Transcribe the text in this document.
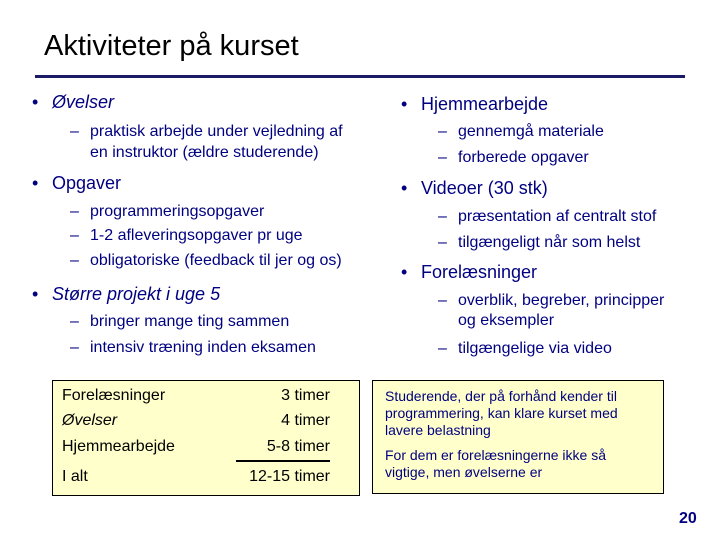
Aktiviteter på kurset
• Øvelser
– praktisk arbejde under vejledning af
en instruktor (ældre studerende)
• Opgaver
– programmeringsopgaver
– 1-2 afleveringsopgaver pr uge
– obligatoriske (feedback til jer og os)
• Større projekt i uge 5
– bringer mange ting sammen
– intensiv træning inden eksamen
• Hjemmearbejde
– gennemgå materiale
– forberede opgaver
• Videoer (30 stk)
– præsentation af centralt stof
– tilgængeligt når som helst
• Forelæsninger
– overblik, begreber, principper
og eksempler
– tilgængelige via video
Forelæsninger
Øvelser
Hjemmearbejde
I alt
3 timer
4 timer
5-8 timer
12-15 timer
Studerende, der på forhånd kender til
programmering, kan klare kurset med
lavere belastning
For dem er forelæsningerne ikke så
vigtige, men øvelserne er
20
